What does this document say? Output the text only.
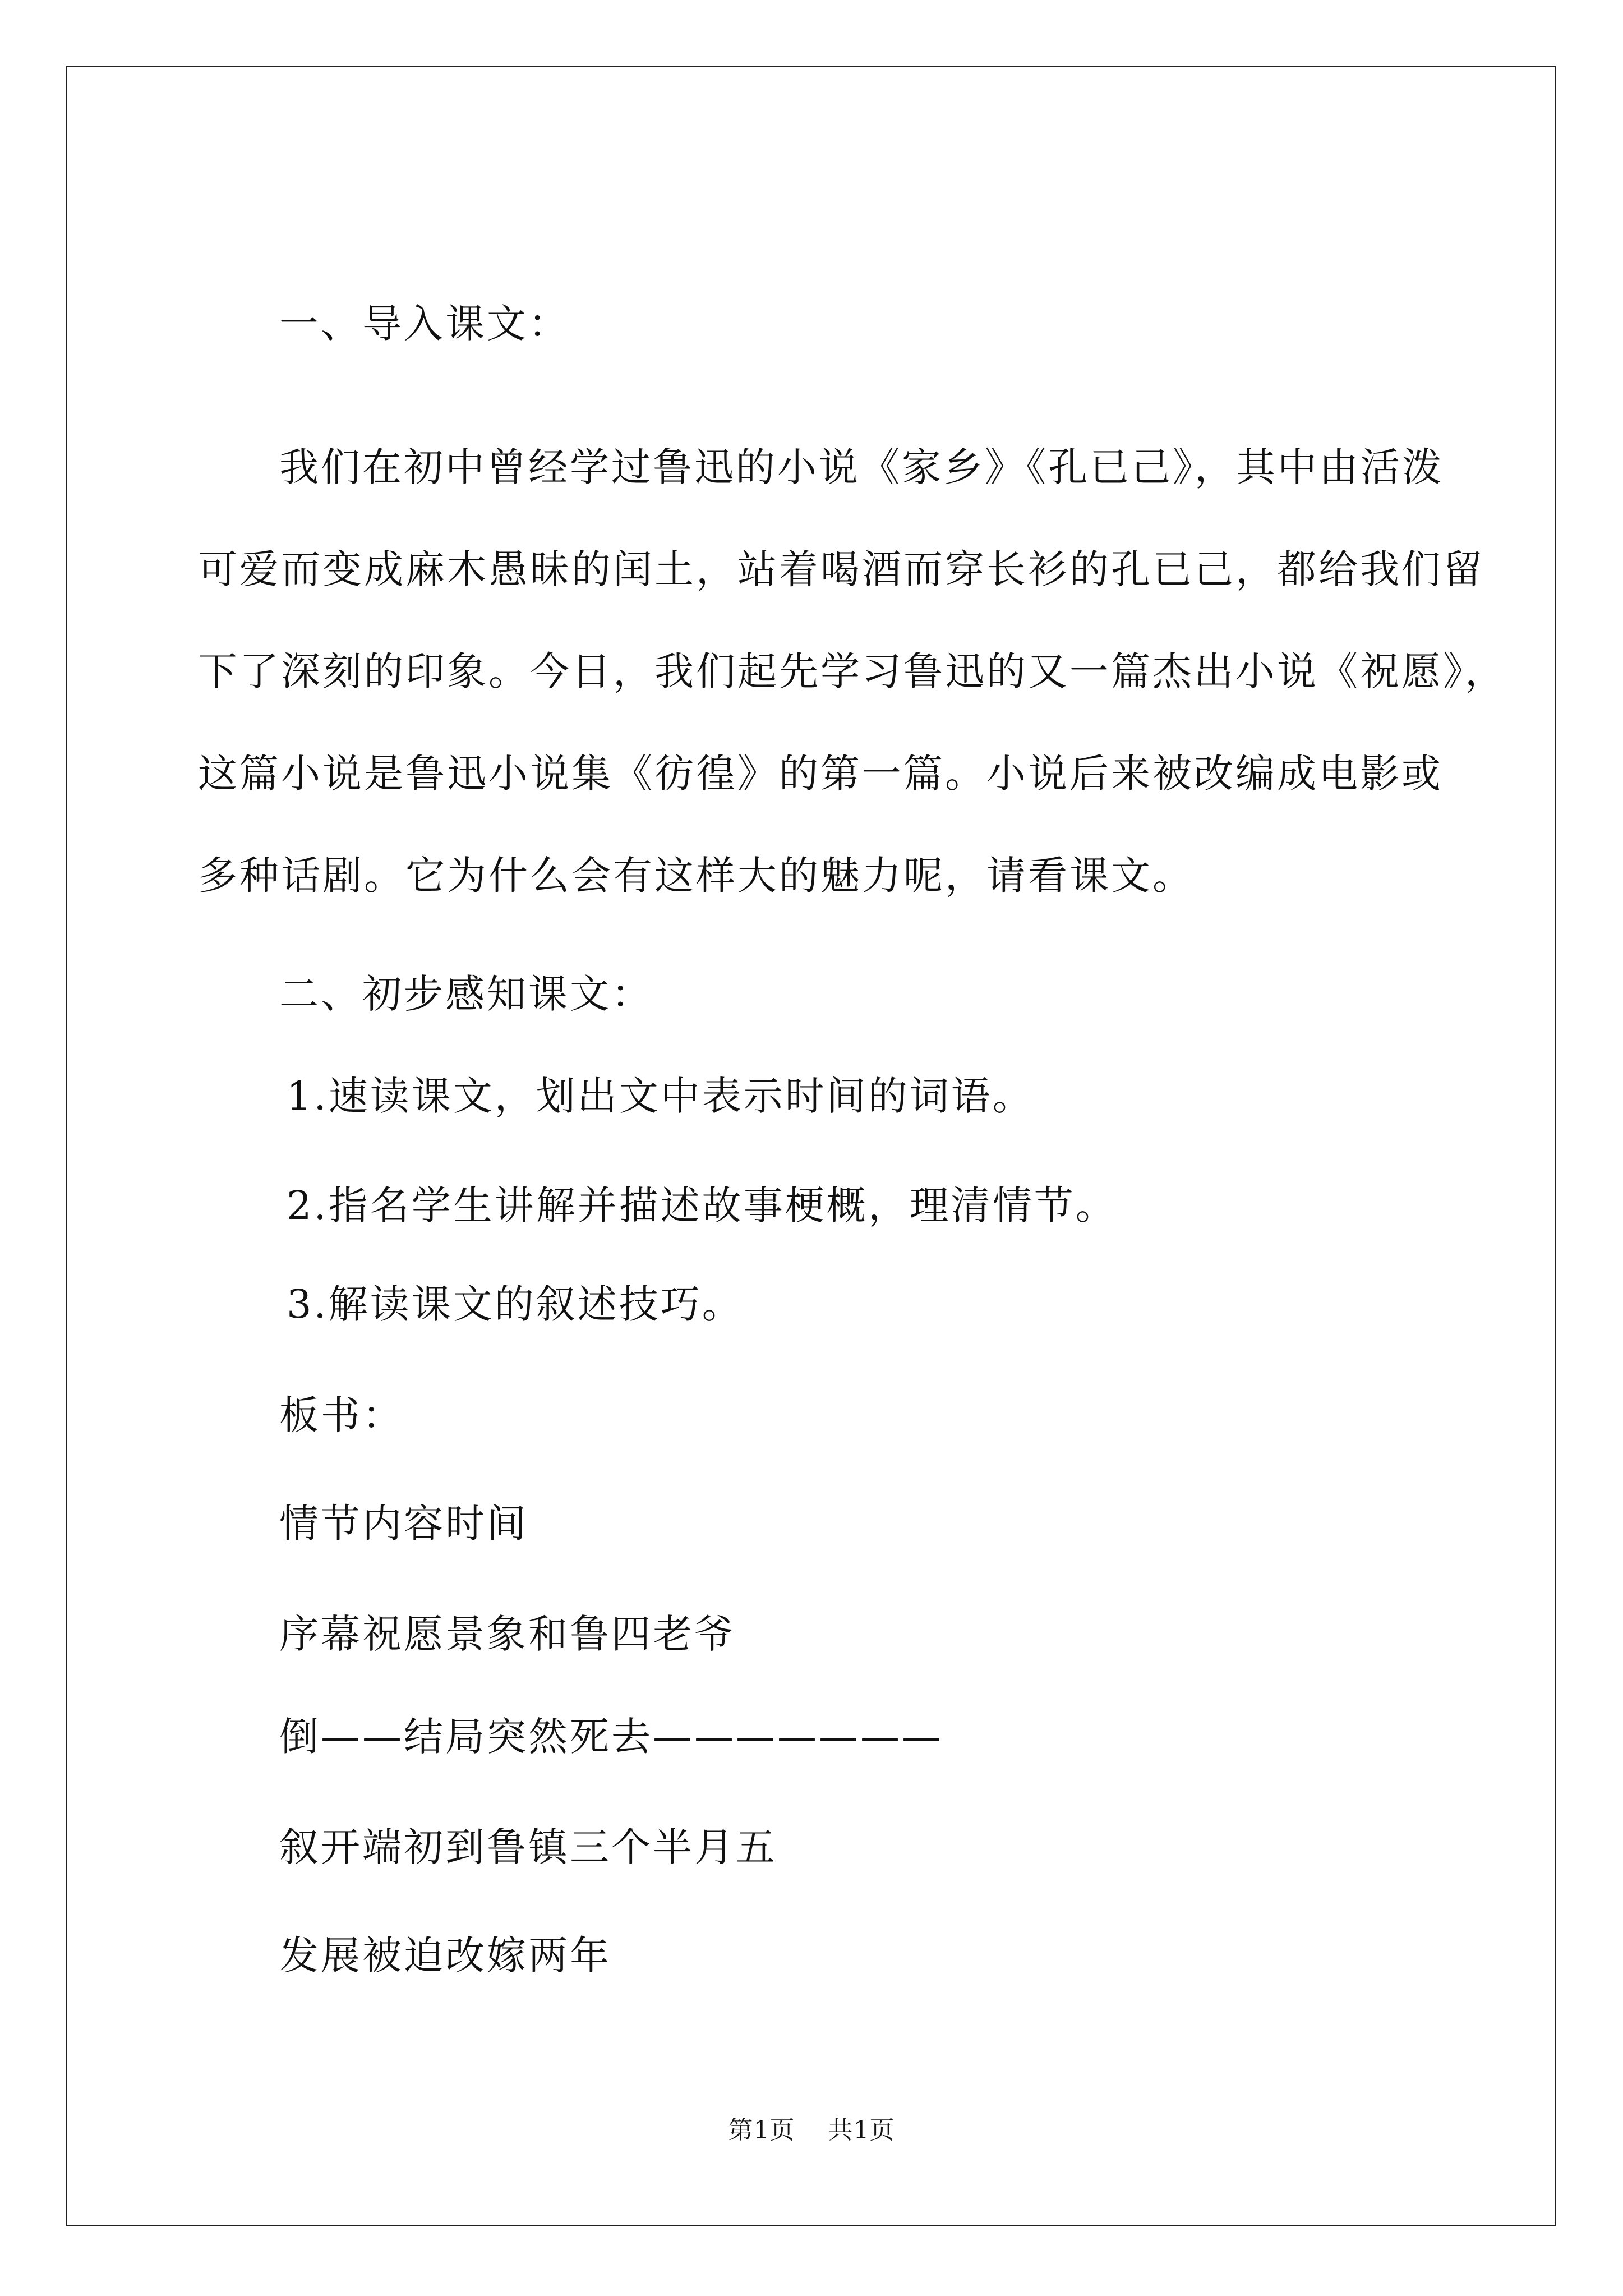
一、导入课文：
我们在初中曾经学过鲁迅的小说《家乡》《孔已己》，其中由活泼
可爱而变成麻木愚昧的闰土，站着喝酒而穿长衫的孔已己，都给我们留
下了深刻的印象。今日，我们起先学习鲁迅的又一篇杰出小说《祝愿》，
这篇小说是鲁迅小说集《彷徨》的第一篇。小说后来被改编成电影或
多种话剧。它为什么会有这样大的魅力呢，请看课文。
二、初步感知课文：
1.速读课文，划出文中表示时间的词语。
2.指名学生讲解并描述故事梗概，理清情节。
3.解读课文的叙述技巧。
板书：
情节内容时间
序幕祝愿景象和鲁四老爷
倒——结局突然死去———————
叙开端初到鲁镇三个半月五
发展被迫改嫁两年
第1页 共1页
